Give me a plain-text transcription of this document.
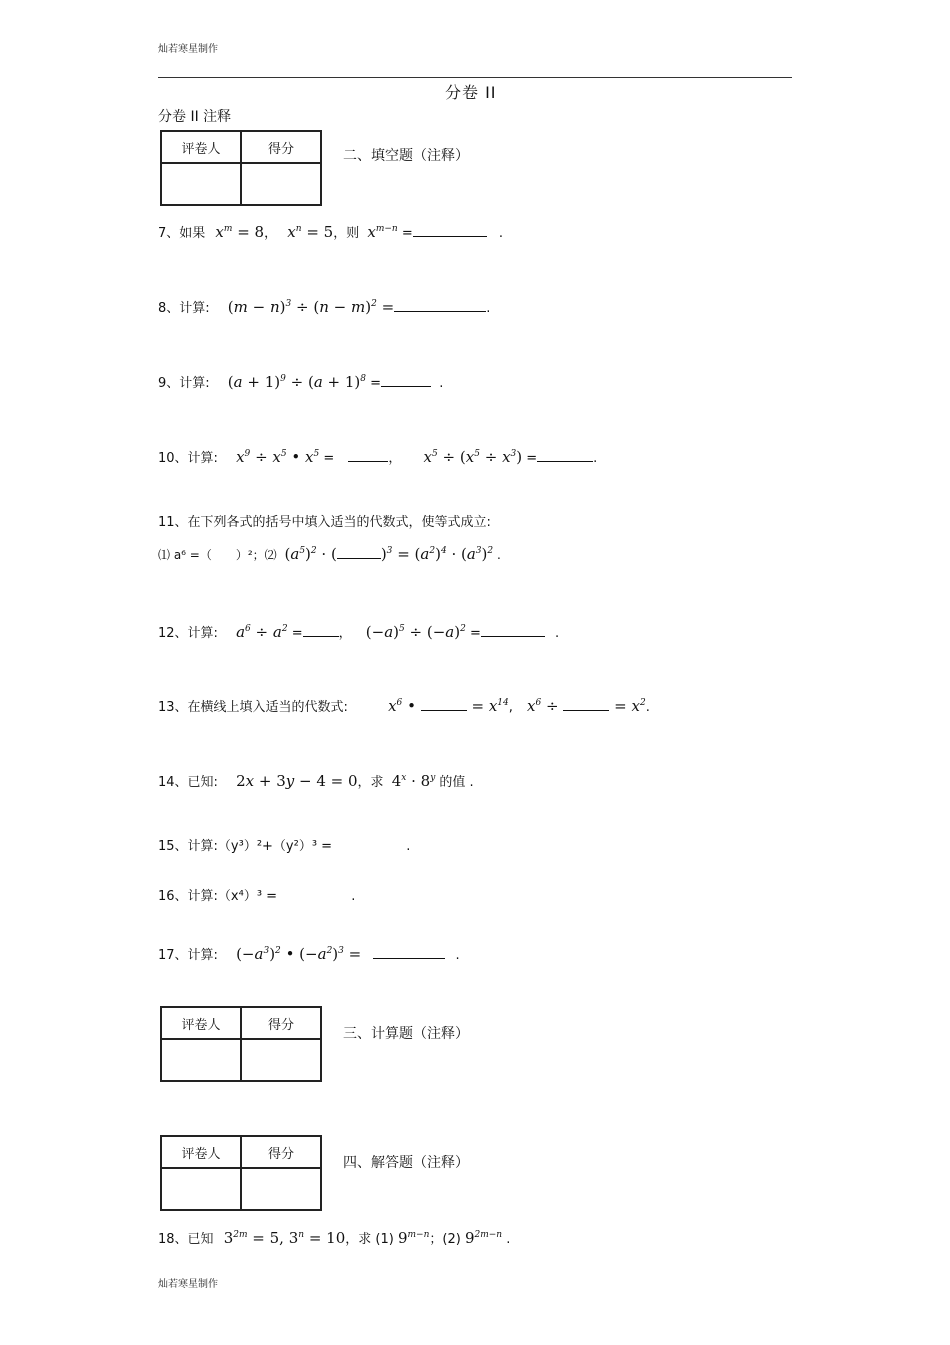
灿若寒星制作
灿若寒星制作
分卷 II
分卷 II 注释
评卷人	得分
		二、填空题（注释）
7、如果 $x^m = 8$， $x^n = 5$，则 $x^{m-n}$ =	.
8、计算: $(m - n)^3 \div (n - m)^2$ =	.
9、计算: $(a + 1)^9 \div (a + 1)^8$ =	.
10、计算: $x^9 \div x^5$ • $x^5$ =	， $x^5 \div (x^5 \div x^3)$ =	.
11、在下列各式的括号中填入适当的代数式，使等式成立:
⑴ a⁶ =（　　）²；⑵ $(a^5)^2$ · (	)$^3 = (a^2)^4 \cdot (a^3)^2$ .
12、计算: $a^6 \div a^2$ =	， $(-a)^5 \div (-a)^2$ =	.
13、在横线上填入适当的代数式:	$x^6$ •	= $x^{14}$, $x^6$ ÷	= $x^2$.
14、已知: 2x + 3y − 4 = 0，求 $4^x \cdot 8^y$ 的值 .
15、计算:（y³）²+（y²）³ =	.
16、计算:（x⁴）³ =	.
17、计算: $(-a^3)^2$ • $(-a^2)^3$ =	.
评卷人	得分

三、计算题（注释）
评卷人	得分

四、解答题（注释）
18、已知 $3^{2m} = 5$, $3^n = 10$，求 (1) $9^{m-n}$；(2) $9^{2m-n}$ .
